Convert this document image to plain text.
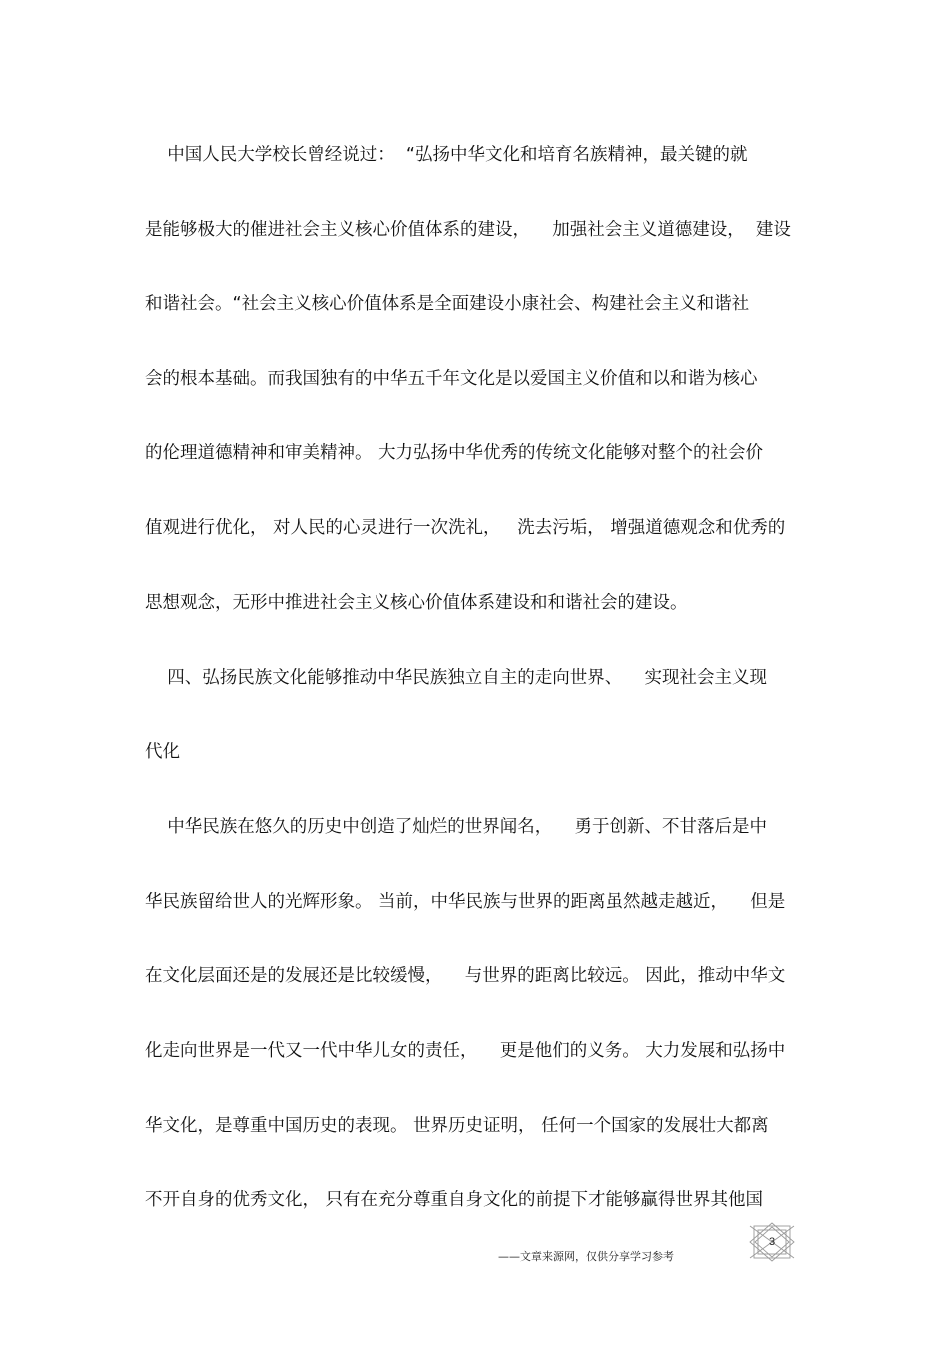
中国人民大学校长曾经说过：  “弘扬中华文化和培育名族精神，最关键的就
是能够极大的催进社会主义核心价值体系的建设，    加强社会主义道德建设，  建设
和谐社会。“社会主义核心价值体系是全面建设小康社会、构建社会主义和谐社
会的根本基础。而我国独有的中华五千年文化是以爱国主义价值和以和谐为核心
的伦理道德精神和审美精神。 大力弘扬中华优秀的传统文化能够对整个的社会价
值观进行优化， 对人民的心灵进行一次洗礼，   洗去污垢， 增强道德观念和优秀的
思想观念，无形中推进社会主义核心价值体系建设和和谐社会的建设。
四、弘扬民族文化能够推动中华民族独立自主的走向世界、    实现社会主义现
代化
中华民族在悠久的历史中创造了灿烂的世界闻名，    勇于创新、不甘落后是中
华民族留给世人的光辉形象。 当前，中华民族与世界的距离虽然越走越近，    但是
在文化层面还是的发展还是比较缓慢，    与世界的距离比较远。 因此，推动中华文
化走向世界是一代又一代中华儿女的责任，    更是他们的义务。 大力发展和弘扬中
华文化，是尊重中国历史的表现。 世界历史证明， 任何一个国家的发展壮大都离
不开自身的优秀文化， 只有在充分尊重自身文化的前提下才能够赢得世界其他国
3
——文章来源网，仅供分享学习参考
